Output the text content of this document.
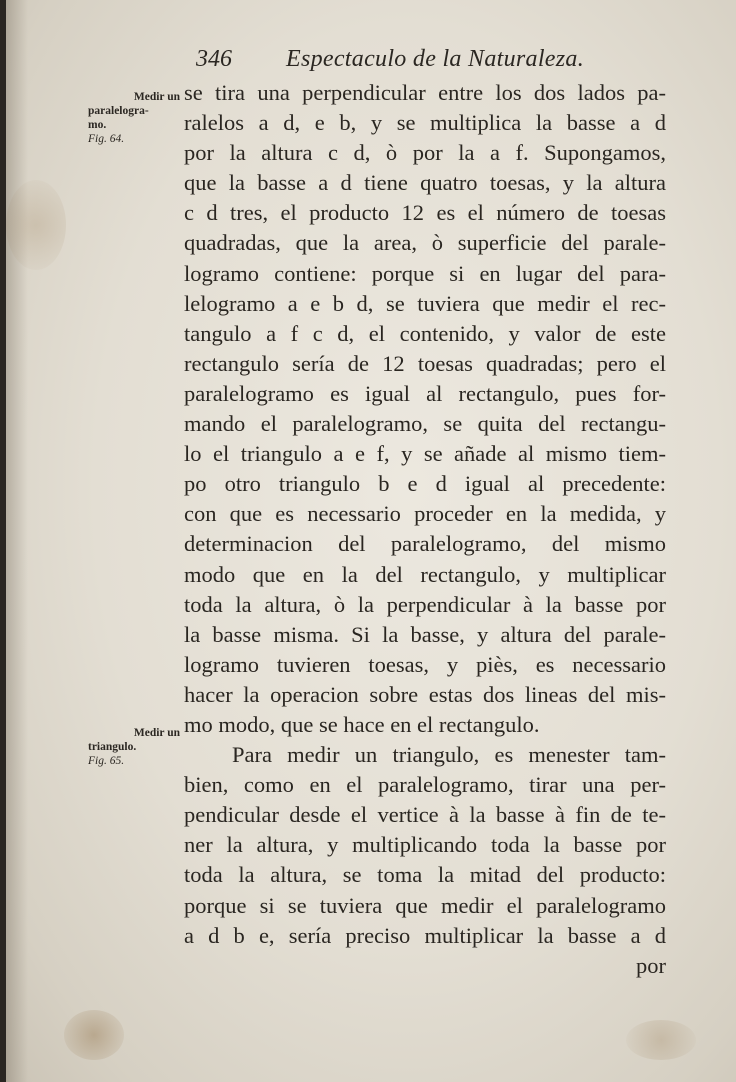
346 Espectaculo de la Naturaleza.
Medir un
paralelogra-
mo.
Fig. 64.
Medir un
triangulo.
Fig. 65.
se tira una perpendicular entre los dos lados pa-
ralelos a d, e b, y se multiplica la basse a d
por la altura c d, ò por la a f. Supongamos,
que la basse a d tiene quatro toesas, y la altura
c d tres, el producto 12 es el número de toesas
quadradas, que la area, ò superficie del parale-
logramo contiene: porque si en lugar del para-
lelogramo a e b d, se tuviera que medir el rec-
tangulo a f c d, el contenido, y valor de este
rectangulo sería de 12 toesas quadradas; pero el
paralelogramo es igual al rectangulo, pues for-
mando el paralelogramo, se quita del rectangu-
lo el triangulo a e f, y se añade al mismo tiem-
po otro triangulo b e d igual al precedente:
con que es necessario proceder en la medida, y
determinacion del paralelogramo, del mismo
modo que en la del rectangulo, y multiplicar
toda la altura, ò la perpendicular à la basse por
la basse misma. Si la basse, y altura del parale-
logramo tuvieren toesas, y piès, es necessario
hacer la operacion sobre estas dos lineas del mis-
mo modo, que se hace en el rectangulo.
Para medir un triangulo, es menester tam-
bien, como en el paralelogramo, tirar una per-
pendicular desde el vertice à la basse à fin de te-
ner la altura, y multiplicando toda la basse por
toda la altura, se toma la mitad del producto:
porque si se tuviera que medir el paralelogramo
a d b e, sería preciso multiplicar la basse a d
por
